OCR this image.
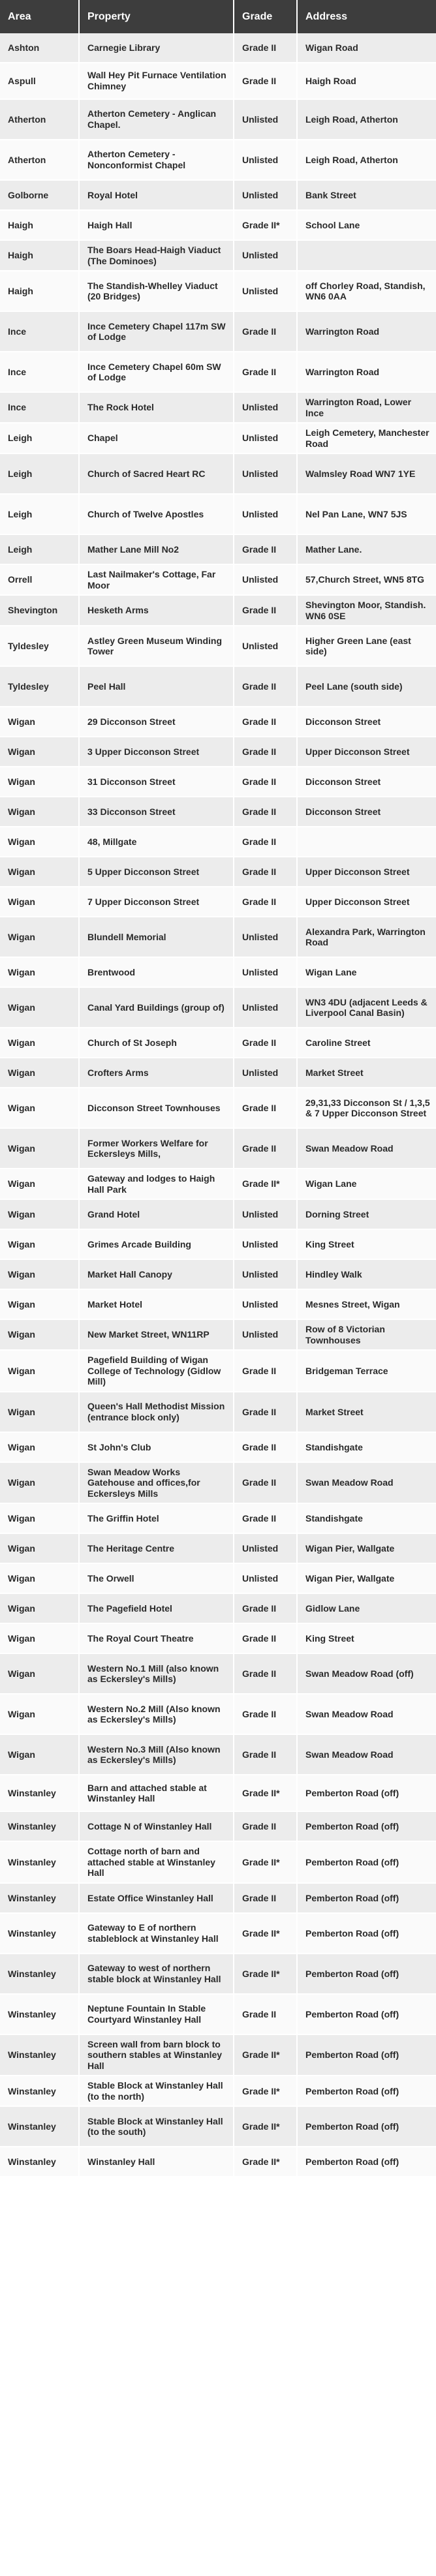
Area	Property	Grade	Address
Ashton	Carnegie Library	Grade II	Wigan Road
Aspull	Wall Hey Pit Furnace Ventilation Chimney	Grade II	Haigh Road
Atherton	Atherton Cemetery - Anglican Chapel.	Unlisted	Leigh Road, Atherton
Atherton	Atherton Cemetery - Nonconformist Chapel	Unlisted	Leigh Road, Atherton
Golborne	Royal Hotel	Unlisted	Bank Street
Haigh	Haigh Hall	Grade II*	School Lane
Haigh	The Boars Head-Haigh Viaduct (The Dominoes)	Unlisted	
Haigh	The Standish-Whelley Viaduct (20 Bridges)	Unlisted	off Chorley Road, Standish, WN6 0AA
Ince	Ince Cemetery Chapel 117m SW of Lodge	Grade II	Warrington Road
Ince	Ince Cemetery Chapel 60m SW of Lodge	Grade II	Warrington Road
Ince	The Rock Hotel	Unlisted	Warrington Road, Lower Ince
Leigh	Chapel	Unlisted	Leigh Cemetery, Manchester Road
Leigh	Church of Sacred Heart RC	Unlisted	Walmsley Road WN7 1YE
Leigh	Church of Twelve Apostles	Unlisted	Nel Pan Lane, WN7 5JS
Leigh	Mather Lane Mill No2	Grade II	Mather Lane.
Orrell	Last Nailmaker's Cottage, Far Moor	Unlisted	57,Church Street, WN5 8TG
Shevington	Hesketh Arms	Grade II	Shevington Moor, Standish. WN6 0SE
Tyldesley	Astley Green Museum Winding Tower	Unlisted	Higher Green Lane (east side)
Tyldesley	Peel Hall	Grade II	Peel Lane (south side)
Wigan	29 Dicconson Street	Grade II	Dicconson Street
Wigan	3 Upper Dicconson Street	Grade II	Upper Dicconson Street
Wigan	31 Dicconson Street	Grade II	Dicconson Street
Wigan	33 Dicconson Street	Grade II	Dicconson Street
Wigan	48, Millgate	Grade II	
Wigan	5 Upper Dicconson Street	Grade II	Upper Dicconson Street
Wigan	7 Upper Dicconson Street	Grade II	Upper Dicconson Street
Wigan	Blundell Memorial	Unlisted	Alexandra Park, Warrington Road
Wigan	Brentwood	Unlisted	Wigan Lane
Wigan	Canal Yard Buildings (group of)	Unlisted	WN3 4DU (adjacent Leeds & Liverpool Canal Basin)
Wigan	Church of St Joseph	Grade II	Caroline Street
Wigan	Crofters Arms	Unlisted	Market Street
Wigan	Dicconson Street Townhouses	Grade II	29,31,33 Dicconson St / 1,3,5 & 7 Upper Dicconson Street
Wigan	Former Workers Welfare for Eckersleys Mills,	Grade II	Swan Meadow Road
Wigan	Gateway and lodges to Haigh Hall Park	Grade II*	Wigan Lane
Wigan	Grand Hotel	Unlisted	Dorning Street
Wigan	Grimes Arcade Building	Unlisted	King Street
Wigan	Market Hall Canopy	Unlisted	Hindley Walk
Wigan	Market Hotel	Unlisted	Mesnes Street, Wigan
Wigan	New Market Street, WN11RP	Unlisted	Row of 8 Victorian Townhouses
Wigan	Pagefield Building of Wigan College of Technology (Gidlow Mill)	Grade II	Bridgeman Terrace
Wigan	Queen's Hall Methodist Mission (entrance block only)	Grade II	Market Street
Wigan	St John's Club	Grade II	Standishgate
Wigan	Swan Meadow Works Gatehouse and offices,for Eckersleys Mills	Grade II	Swan Meadow Road
Wigan	The Griffin Hotel	Grade II	Standishgate
Wigan	The Heritage Centre	Unlisted	Wigan Pier, Wallgate
Wigan	The Orwell	Unlisted	Wigan Pier, Wallgate
Wigan	The Pagefield Hotel	Grade II	Gidlow Lane
Wigan	The Royal Court Theatre	Grade II	King Street
Wigan	Western No.1 Mill (also known as Eckersley's Mills)	Grade II	Swan Meadow Road (off)
Wigan	Western No.2 Mill (Also known as Eckersley's Mills)	Grade II	Swan Meadow Road
Wigan	Western No.3 Mill (Also known as Eckersley's Mills)	Grade II	Swan Meadow Road
Winstanley	Barn and attached stable at Winstanley Hall	Grade II*	Pemberton Road (off)
Winstanley	Cottage N of Winstanley Hall	Grade II	Pemberton Road (off)
Winstanley	Cottage north of barn and attached stable at Winstanley Hall	Grade II*	Pemberton Road (off)
Winstanley	Estate Office Winstanley Hall	Grade II	Pemberton Road (off)
Winstanley	Gateway to E of northern stableblock at Winstanley Hall	Grade II*	Pemberton Road (off)
Winstanley	Gateway to west of northern stable block at Winstanley Hall	Grade II*	Pemberton Road (off)
Winstanley	Neptune Fountain In Stable Courtyard Winstanley Hall	Grade II	Pemberton Road (off)
Winstanley	Screen wall from barn block to southern stables at Winstanley Hall	Grade II*	Pemberton Road (off)
Winstanley	Stable Block at Winstanley Hall (to the north)	Grade II*	Pemberton Road (off)
Winstanley	Stable Block at Winstanley Hall (to the south)	Grade II*	Pemberton Road (off)
Winstanley	Winstanley Hall	Grade II*	Pemberton Road (off)
